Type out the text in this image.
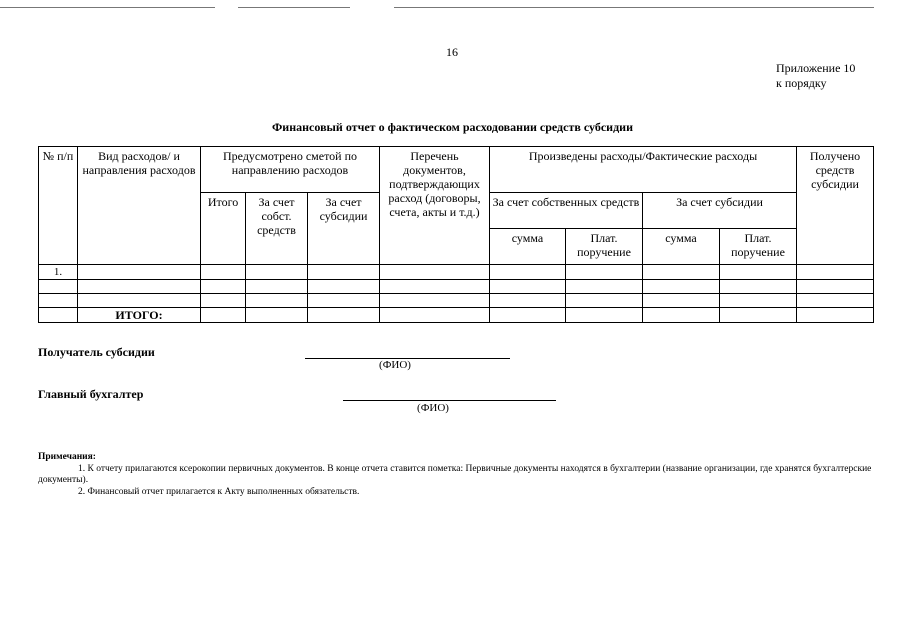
16
Приложение 10
к порядку
Финансовый отчет о фактическом расходовании средств субсидии
№ п/п	Вид расходов/ и направления расходов	Предусмотрено сметой по направлению расходов			Перечень документов, подтверждающих расход (договоры, счета, акты и т.д.)	Произведены расходы/Фактические расходы				Получено средств субсидии
		Итого	За счет собст. средств	За счет субсидии		За счет собственных средств		За счет субсидии		
						сумма	Плат. поручение	сумма	Плат. поручение	
1.										

	ИТОГО:									
Получатель субсидии
(ФИО)
Главный бухгалтер
(ФИО)
Примечания:
1. К отчету прилагаются ксерокопии первичных документов. В конце отчета ставится пометка: Первичные документы находятся в бухгалтерии (название организации, где хранятся бухгалтерские документы).
2. Финансовый отчет прилагается к Акту выполненных обязательств.
